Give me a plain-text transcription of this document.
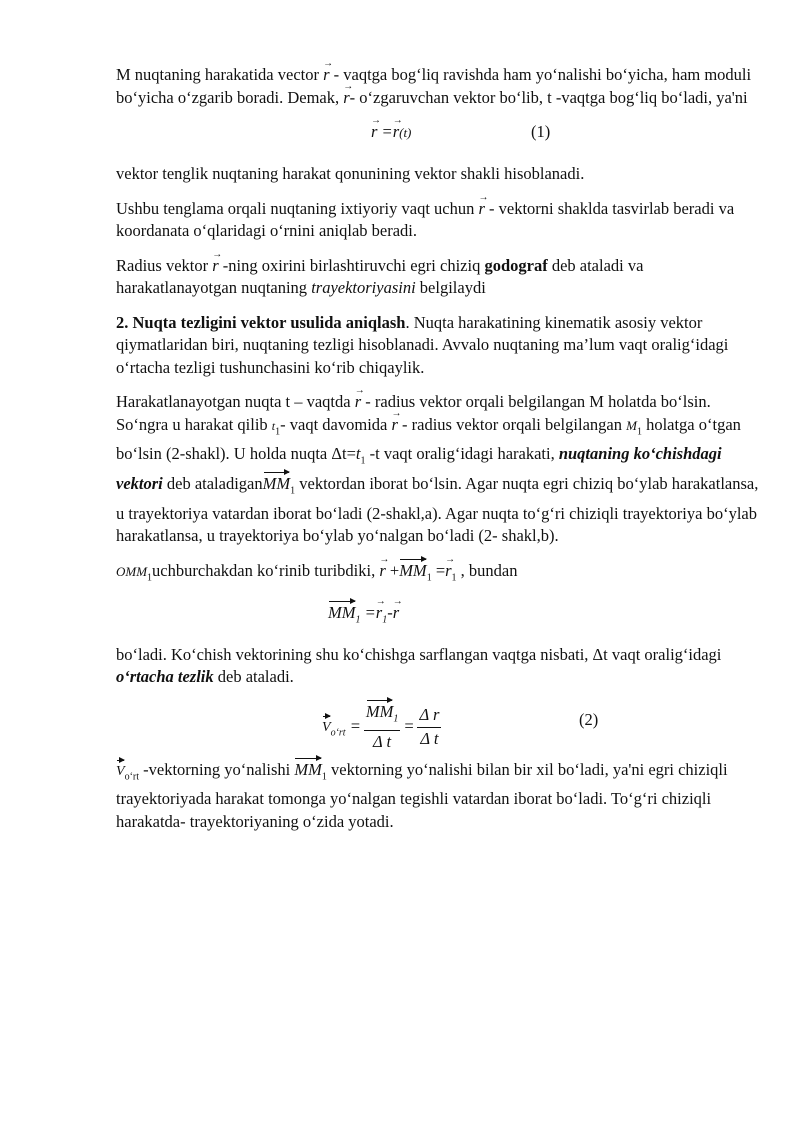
M nuqtaning harakatida vector → r - vaqtga bog‘liq ravishda ham yo‘nalishi bo‘yicha, ham moduli bo‘yicha o‘zgarib boradi. Demak, → r- o‘zgaruvchan vektor bo‘lib, t -vaqtga bog‘liq bo‘ladi, ya'ni

→ r =→ r(t)	(1)

vektor tenglik nuqtaning harakat qonunining vektor shakli hisoblanadi.

Ushbu tenglama orqali nuqtaning ixtiyoriy vaqt uchun → r - vektorni shaklda tasvirlab beradi va koordanata o‘qlaridagi o‘rnini aniqlab beradi.

Radius vektor → r -ning oxirini birlashtiruvchi egri chiziq godograf deb ataladi va harakatlanayotgan nuqtaning trayektoriyasini belgilaydi

2. Nuqta tezligini vektor usulida aniqlash. Nuqta harakatining kinematik asosiy vektor qiymatlaridan biri, nuqtaning tezligi hisoblanadi. Avvalo nuqtaning ma’lum vaqt oralig‘idagi o‘rtacha tezligi tushunchasini ko‘rib chiqaylik.

Harakatlanayotgan nuqta t – vaqtda → r - radius vektor orqali belgilangan M holatda bo‘lsin. So‘ngra u harakat qilib $t_1-$ vaqt davomida → r - radius vektor orqali belgilangan $M_1$ holatga o‘tgan bo‘lsin (2-shakl). U holda nuqta $\Delta t=t_1$ -t vaqt oralig‘idagi harakati, nuqtaning ko‘chishdagi vektori deb ataladiganMM$_1$ vektordan iborat bo‘lsin. Agar nuqta egri chiziq bo‘ylab harakatlansa, u trayektoriya vatardan iborat bo‘ladi (2-shakl,a). Agar nuqta to‘g‘ri chiziqli trayektoriya bo‘ylab harakatlansa, u trayektoriya bo‘ylab yo‘nalgan bo‘ladi (2- shakl,b).

$OMM_1uchburchakdan$ ko‘rinib turibdiki, → $r +MM_1 =\to r_1$ , bundan

$MM_1 =\to r_1-\to r$

bo‘ladi. Ko‘chish vektorining shu ko‘chishga sarflangan vaqtga nisbati, Δt vaqt oralig‘idagi o‘rtacha tezlik deb ataladi.

$V_{o‘rt} = \frac{MM_1}{\text{Δ t}} = \frac{\text{Δ r}}{\text{Δ t}}$	(2)

$V_{o‘rt}$ -vektorning yo‘nalishi $MM_1$ vektorning yo‘nalishi bilan bir xil bo‘ladi, ya'ni egri chiziqli trayektoriyada harakat tomonga yo‘nalgan tegishli vatardan iborat bo‘ladi. To‘g‘ri chiziqli harakatda- trayektoriyaning o‘zida yotadi.
